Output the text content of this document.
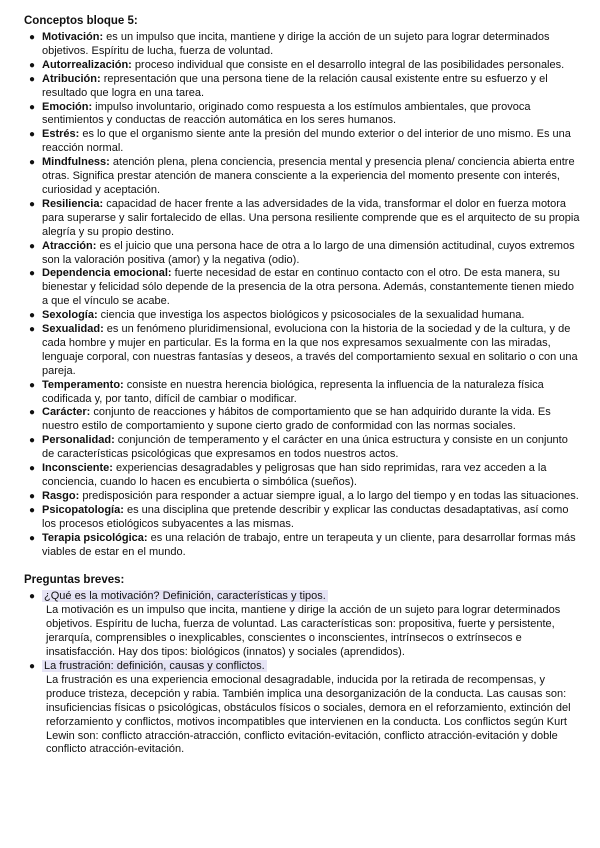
Conceptos bloque 5:
● Motivación: es un impulso que incita, mantiene y dirige la acción de un sujeto para lograr determinados objetivos. Espíritu de lucha, fuerza de voluntad.
● Autorrealización: proceso individual que consiste en el desarrollo integral de las posibilidades personales.
● Atribución: representación que una persona tiene de la relación causal existente entre su esfuerzo y el resultado que logra en una tarea.
● Emoción: impulso involuntario, originado como respuesta a los estímulos ambientales, que provoca sentimientos y conductas de reacción automática en los seres humanos.
● Estrés: es lo que el organismo siente ante la presión del mundo exterior o del interior de uno mismo. Es una reacción normal.
● Mindfulness: atención plena, plena conciencia, presencia mental y presencia plena/ conciencia abierta entre otras. Significa prestar atención de manera consciente a la experiencia del momento presente con interés, curiosidad y aceptación.
● Resiliencia: capacidad de hacer frente a las adversidades de la vida, transformar el dolor en fuerza motora para superarse y salir fortalecido de ellas. Una persona resiliente comprende que es el arquitecto de su propia alegría y su propio destino.
● Atracción: es el juicio que una persona hace de otra a lo largo de una dimensión actitudinal, cuyos extremos son la valoración positiva (amor) y la negativa (odio).
● Dependencia emocional: fuerte necesidad de estar en continuo contacto con el otro. De esta manera, su bienestar y felicidad sólo depende de la presencia de la otra persona. Además, constantemente tienen miedo a que el vínculo se acabe.
● Sexología: ciencia que investiga los aspectos biológicos y psicosociales de la sexualidad humana.
● Sexualidad: es un fenómeno pluridimensional, evoluciona con la historia de la sociedad y de la cultura, y de cada hombre y mujer en particular. Es la forma en la que nos expresamos sexualmente con las miradas, lenguaje corporal, con nuestras fantasías y deseos, a través del comportamiento sexual en solitario o con una pareja.
● Temperamento: consiste en nuestra herencia biológica, representa la influencia de la naturaleza física codificada y, por tanto, difícil de cambiar o modificar.
● Carácter: conjunto de reacciones y hábitos de comportamiento que se han adquirido durante la vida. Es nuestro estilo de comportamiento y supone cierto grado de conformidad con las normas sociales.
● Personalidad: conjunción de temperamento y el carácter en una única estructura y consiste en un conjunto de características psicológicas que expresamos en todos nuestros actos.
● Inconsciente: experiencias desagradables y peligrosas que han sido reprimidas, rara vez acceden a la conciencia, cuando lo hacen es encubierta o simbólica (sueños).
● Rasgo: predisposición para responder a actuar siempre igual, a lo largo del tiempo y en todas las situaciones.
● Psicopatología: es una disciplina que pretende describir y explicar las conductas desadaptativas, así como los procesos etiológicos subyacentes a las mismas.
● Terapia psicológica: es una relación de trabajo, entre un terapeuta y un cliente, para desarrollar formas más viables de estar en el mundo.
Preguntas breves:
● ¿Qué es la motivación? Definición, características y tipos.
La motivación es un impulso que incita, mantiene y dirige la acción de un sujeto para lograr determinados objetivos. Espíritu de lucha, fuerza de voluntad. Las características son: propositiva, fuerte y persistente, jerarquía, comprensibles o inexplicables, conscientes o inconscientes, intrínsecos o extrínsecos e insatisfacción. Hay dos tipos: biológicos (innatos) y sociales (aprendidos).
● La frustración: definición, causas y conflictos.
La frustración es una experiencia emocional desagradable, inducida por la retirada de recompensas, y produce tristeza, decepción y rabia. También implica una desorganización de la conducta. Las causas son: insuficiencias físicas o psicológicas, obstáculos físicos o sociales, demora en el reforzamiento, extinción del reforzamiento y conflictos, motivos incompatibles que intervienen en la conducta. Los conflictos según Kurt Lewin son: conflicto atracción-atracción, conflicto evitación-evitación, conflicto atracción-evitación y doble conflicto atracción-evitación.
